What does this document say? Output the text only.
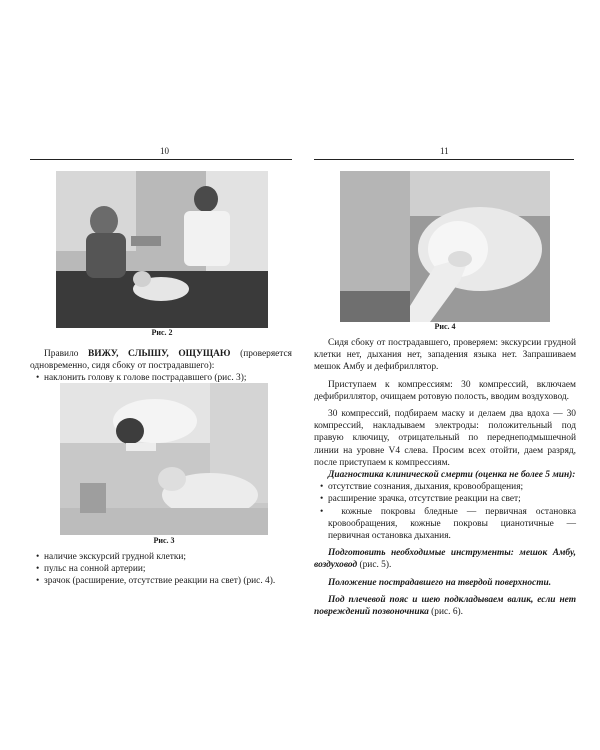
10
Рис. 2

Правило ВИЖУ, СЛЫШУ, ОЩУЩАЮ (проверяется одновременно, сидя сбоку от пострадавшего):

•  наклонить голову к голове пострадавшего (рис. 3);

Рис. 3

•  наличие экскурсий грудной клетки;

•  пульс на сонной артерии;

•  зрачок (расширение, отсутствие реакции на свет) (рис. 4).

11
Рис. 4

Сидя сбоку от пострадавшего, проверяем: экскурсии грудной клетки нет, дыхания нет, западения языка нет. Запрашиваем мешок Амбу и дефибриллятор.

Приступаем к компрессиям: 30 компрессий, включаем дефибриллятор, очищаем ротовую полость, вводим воздуховод.

30 компрессий, подбираем маску и делаем два вдоха — 30 компрессий, накладываем электроды: положительный под правую ключицу, отрицательный по переднеподмышечной линии на уровне V4 слева. Просим всех отойти, даем разряд, после приступаем к компрессиям.

Диагностика клинической смерти (оценка не более 5 мин):

•  отсутствие сознания, дыхания, кровообращения;

•  расширение зрачка, отсутствие реакции на свет;

•  кожные покровы бледные — первичная остановка кровообращения, кожные покровы цианотичные — первичная остановка дыхания.

Подготовить необходимые инструменты: мешок Амбу, воздуховод (рис. 5).

Положение пострадавшего на твердой поверхности.

Под плечевой пояс и шею подкладываем валик, если нет повреждений позвоночника (рис. 6).
